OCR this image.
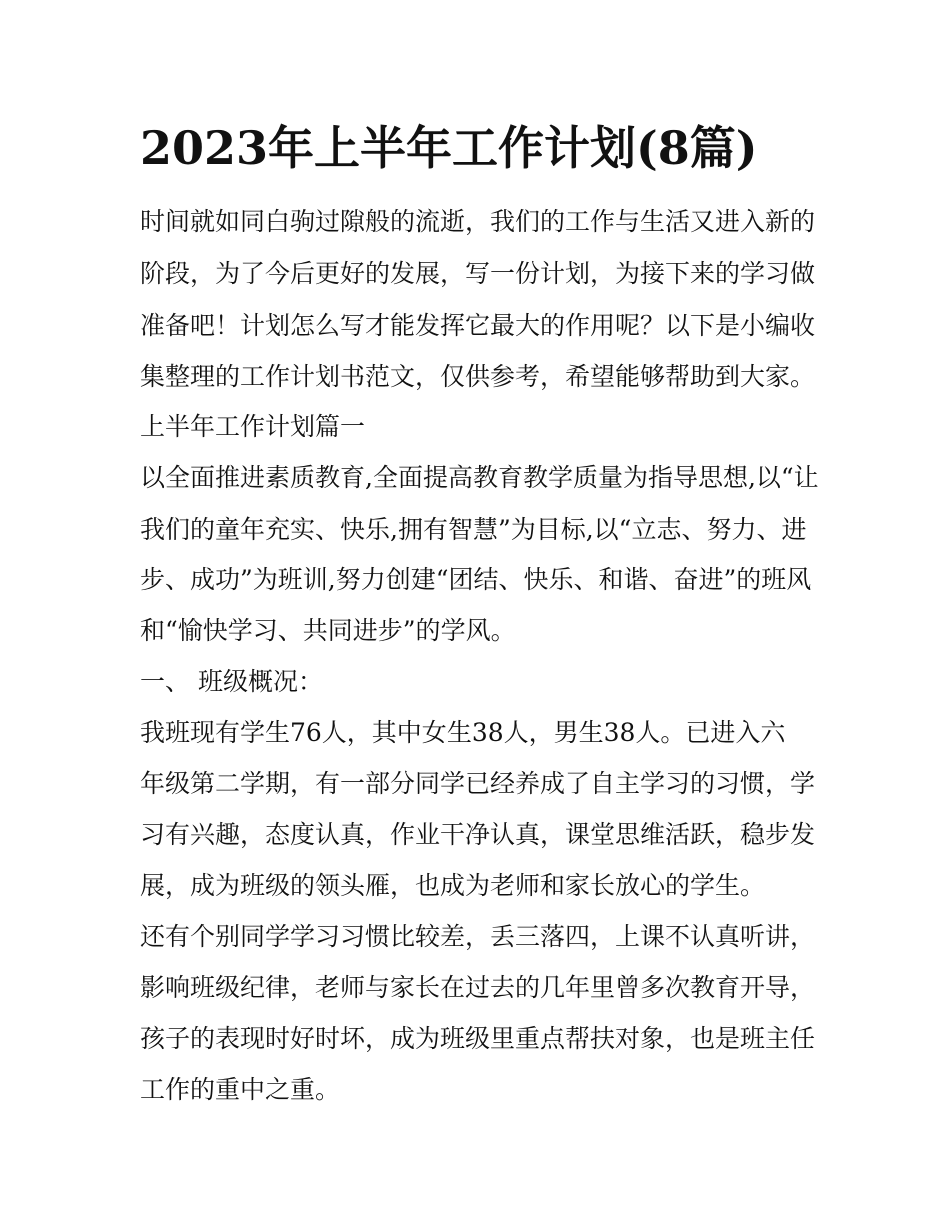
2023年上半年工作计划(8篇)
时间就如同白驹过隙般的流逝，我们的工作与生活又进入新的
阶段，为了今后更好的发展，写一份计划，为接下来的学习做
准备吧！计划怎么写才能发挥它最大的作用呢？以下是小编收
集整理的工作计划书范文，仅供参考，希望能够帮助到大家。
上半年工作计划篇一
以全面推进素质教育,全面提高教育教学质量为指导思想,以“让
我们的童年充实、快乐,拥有智慧”为目标,以“立志、努力、进
步、成功”为班训,努力创建“团结、快乐、和谐、奋进”的班风
和“愉快学习、共同进步”的学风。
一、 班级概况：
我班现有学生76人，其中女生38人，男生38人。已进入六
年级第二学期，有一部分同学已经养成了自主学习的习惯，学
习有兴趣，态度认真，作业干净认真，课堂思维活跃，稳步发
展，成为班级的领头雁，也成为老师和家长放心的学生。
还有个别同学学习习惯比较差，丢三落四，上课不认真听讲，
影响班级纪律，老师与家长在过去的几年里曾多次教育开导，
孩子的表现时好时坏，成为班级里重点帮扶对象，也是班主任
工作的重中之重。
